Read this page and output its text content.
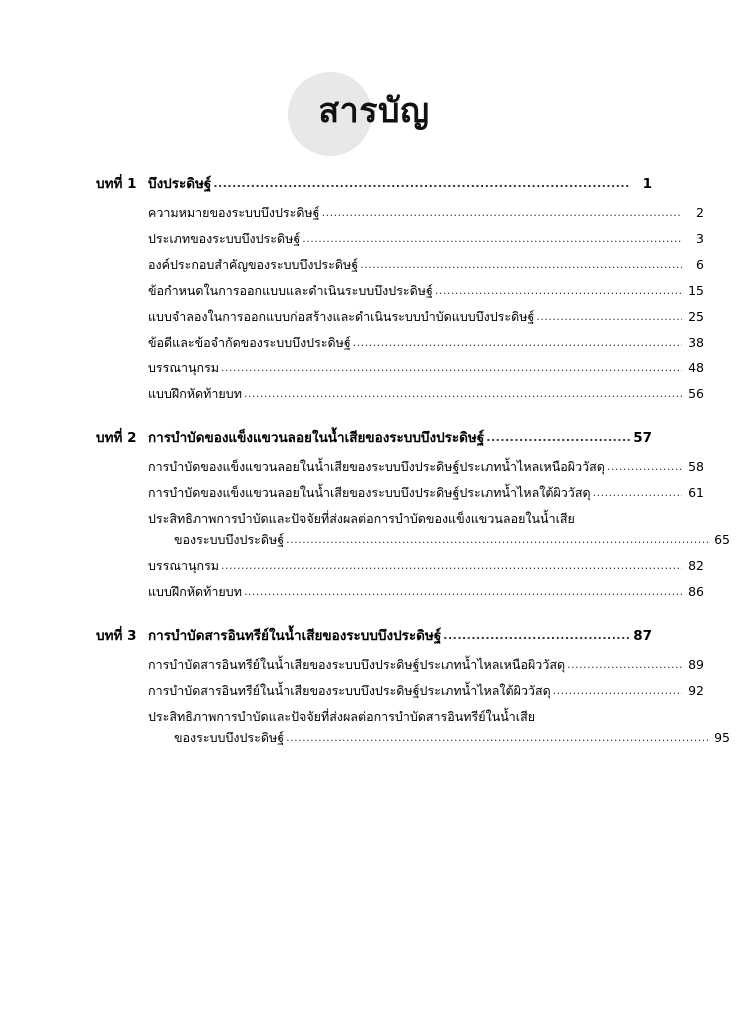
สารบัญ
บทที่ 1 บึงประดิษฐ์ .....	1
ความหมายของระบบบึงประดิษฐ์ .....	2
ประเภทของระบบบึงประดิษฐ์ .....	3
องค์ประกอบสำคัญของระบบบึงประดิษฐ์ .....	6
ข้อกำหนดในการออกแบบและดำเนินระบบบึงประดิษฐ์ .....	15
แบบจำลองในการออกแบบก่อสร้างและดำเนินระบบบำบัดแบบบึงประดิษฐ์ .....	25
ข้อดีและข้อจำกัดของระบบบึงประดิษฐ์ .....	38
บรรณานุกรม .....	48
แบบฝึกหัดท้ายบท .....	56
บทที่ 2 การบำบัดของแข็งแขวนลอยในน้ำเสียของระบบบึงประดิษฐ์ .....	57
การบำบัดของแข็งแขวนลอยในน้ำเสียของระบบบึงประดิษฐ์ประเภทน้ำไหลเหนือผิววัสดุ .....	58
การบำบัดของแข็งแขวนลอยในน้ำเสียของระบบบึงประดิษฐ์ประเภทน้ำไหลใต้ผิววัสดุ .....	61
ประสิทธิภาพการบำบัดและปัจจัยที่ส่งผลต่อการบำบัดของแข็งแขวนลอยในน้ำเสีย
ของระบบบึงประดิษฐ์ .....	65
บรรณานุกรม .....	82
แบบฝึกหัดท้ายบท .....	86
บทที่ 3 การบำบัดสารอินทรีย์ในน้ำเสียของระบบบึงประดิษฐ์ .....	87
การบำบัดสารอินทรีย์ในน้ำเสียของระบบบึงประดิษฐ์ประเภทน้ำไหลเหนือผิววัสดุ .....	89
การบำบัดสารอินทรีย์ในน้ำเสียของระบบบึงประดิษฐ์ประเภทน้ำไหลใต้ผิววัสดุ .....	92
ประสิทธิภาพการบำบัดและปัจจัยที่ส่งผลต่อการบำบัดสารอินทรีย์ในน้ำเสีย
ของระบบบึงประดิษฐ์ .....	95
